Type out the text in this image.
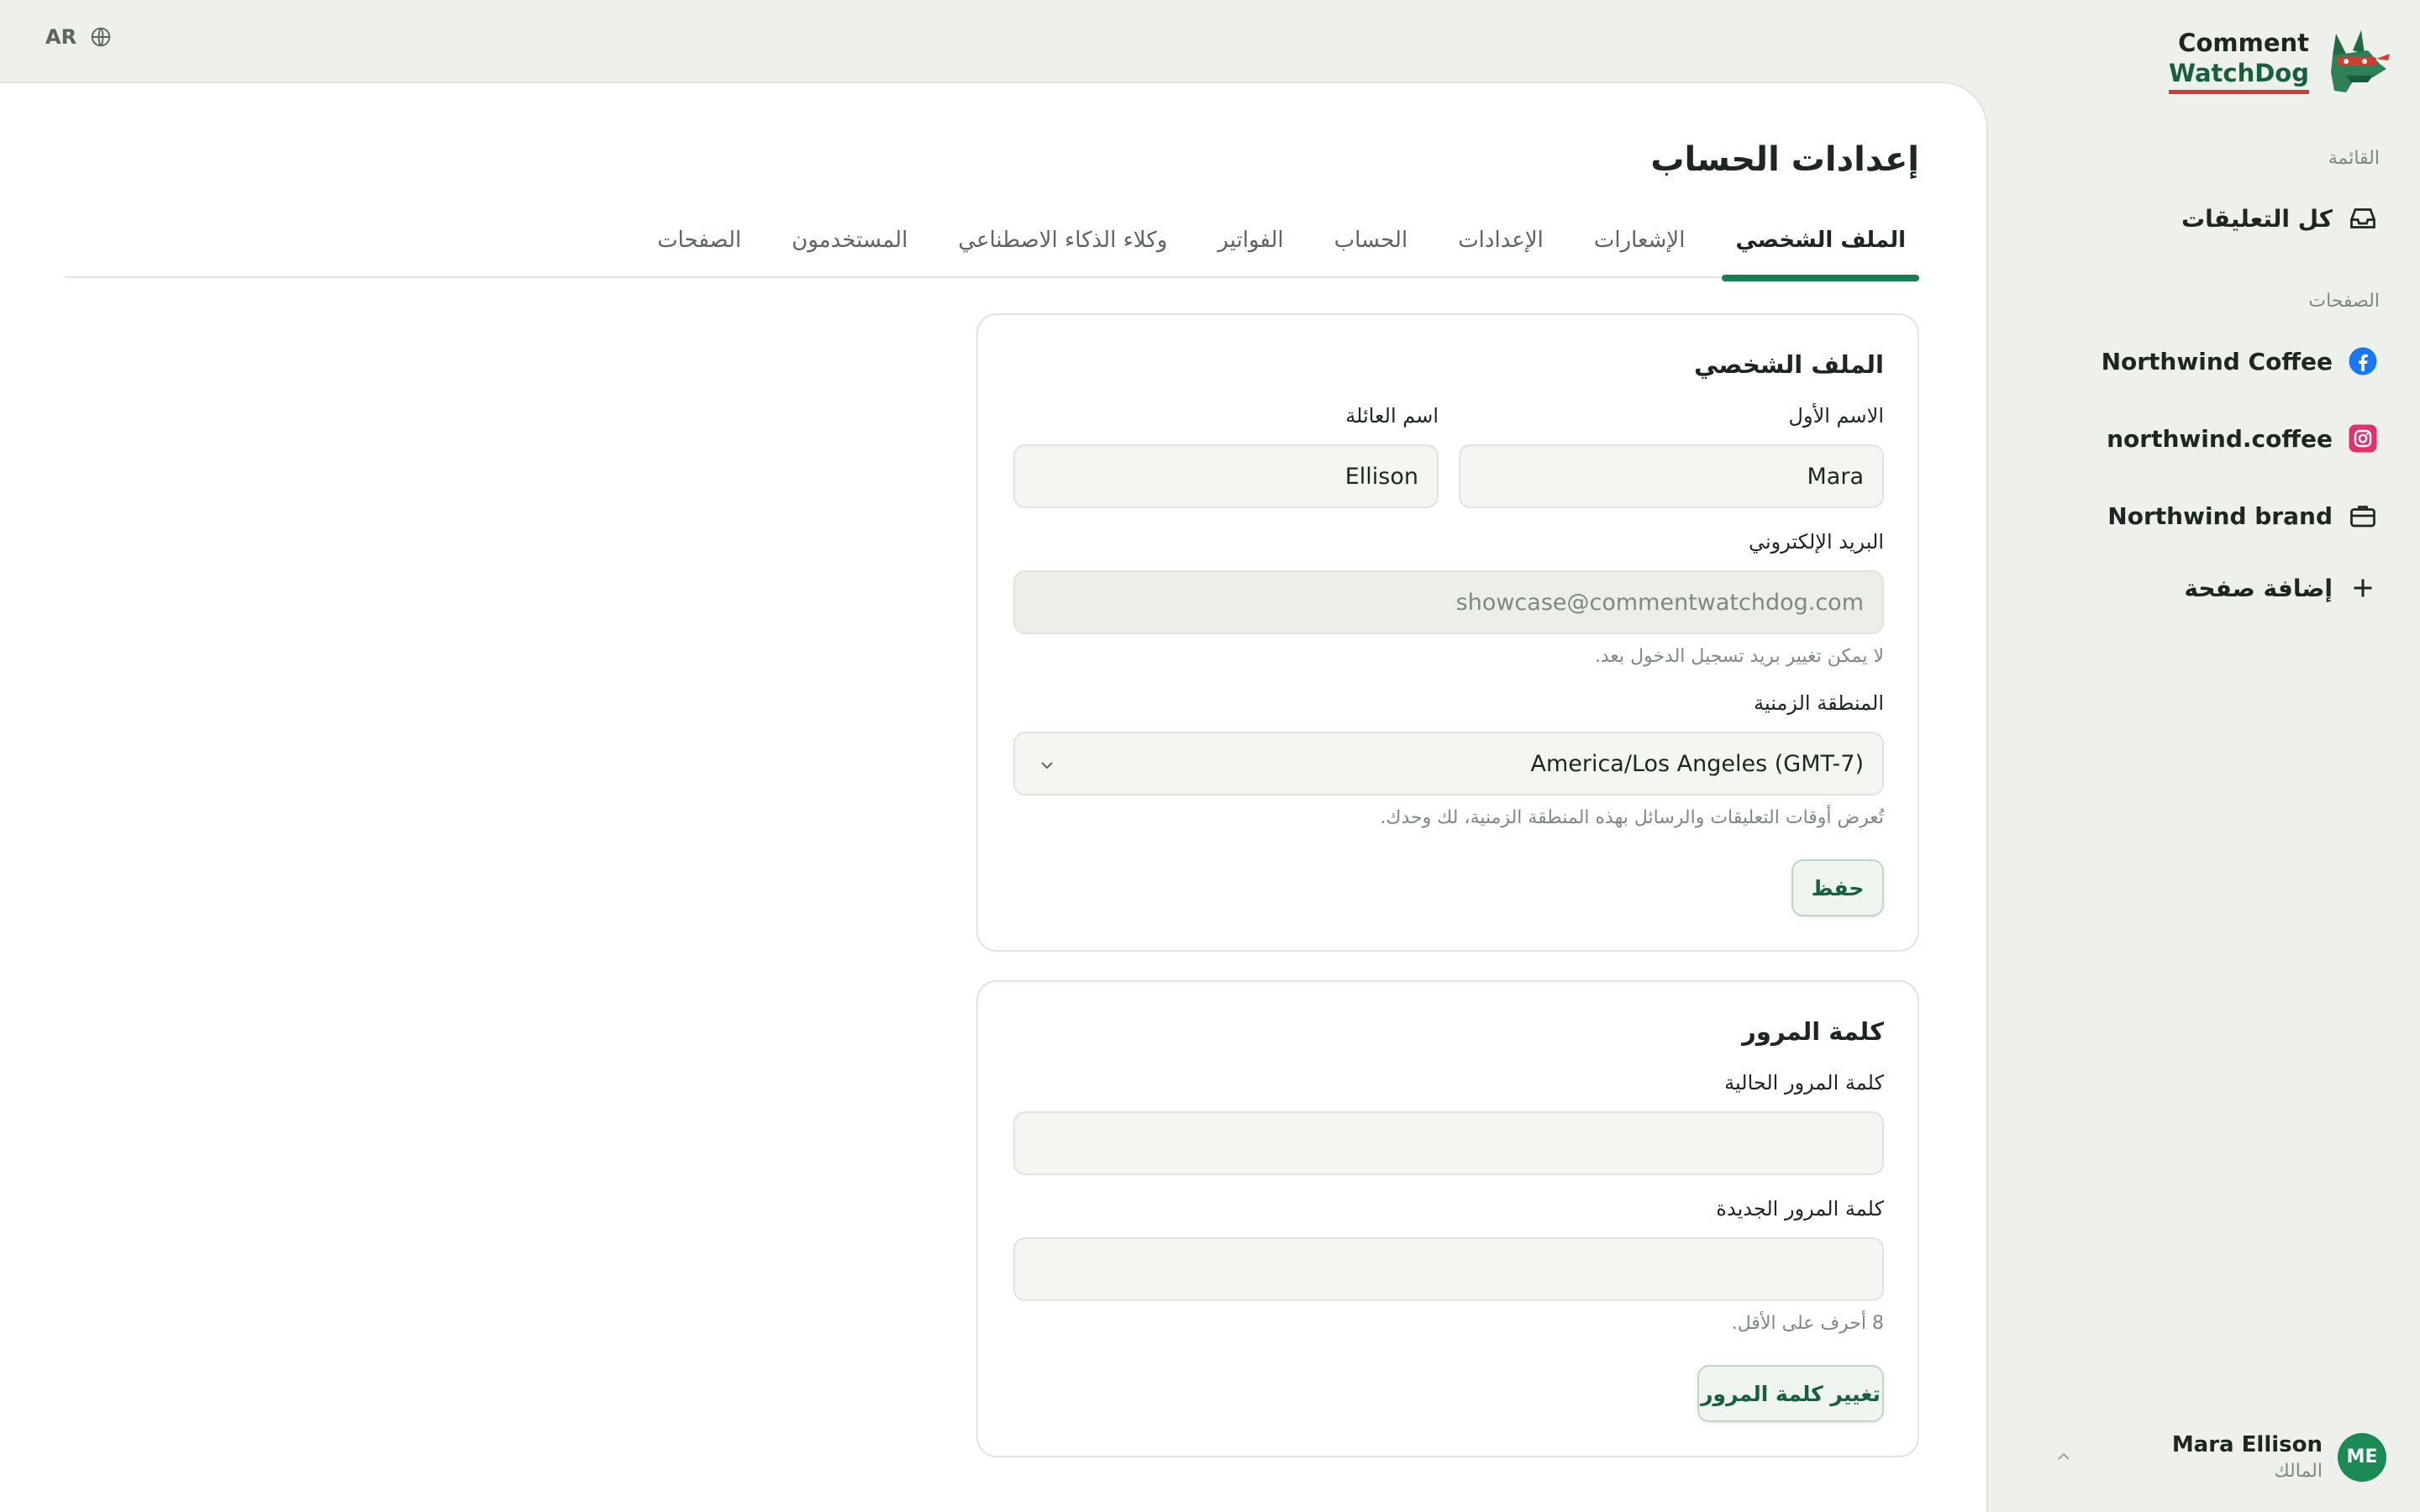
AR	Comment
WatchDog
القائمة
كل التعليقات
الصفحات
Northwind Coffee
northwind.coffee
Northwind brand
إضافة صفحة
ME
Mara Ellison
المالك
إعدادات الحساب
الملف الشخصي
الإشعارات
الإعدادات
الحساب
الفواتير
وكلاء الذكاء الاصطناعي
المستخدمون
الصفحات
الملف الشخصي
الاسم الأول
اسم العائلة
Mara
Ellison
البريد الإلكتروني
showcase@commentwatchdog.com
لا يمكن تغيير بريد تسجيل الدخول بعد.
المنطقة الزمنية
America/Los Angeles (GMT-7)
تُعرض أوقات التعليقات والرسائل بهذه المنطقة الزمنية، لك وحدك.
حفظ
كلمة المرور
كلمة المرور الحالية
كلمة المرور الجديدة
8 أحرف على الأقل.
تغيير كلمة المرور
